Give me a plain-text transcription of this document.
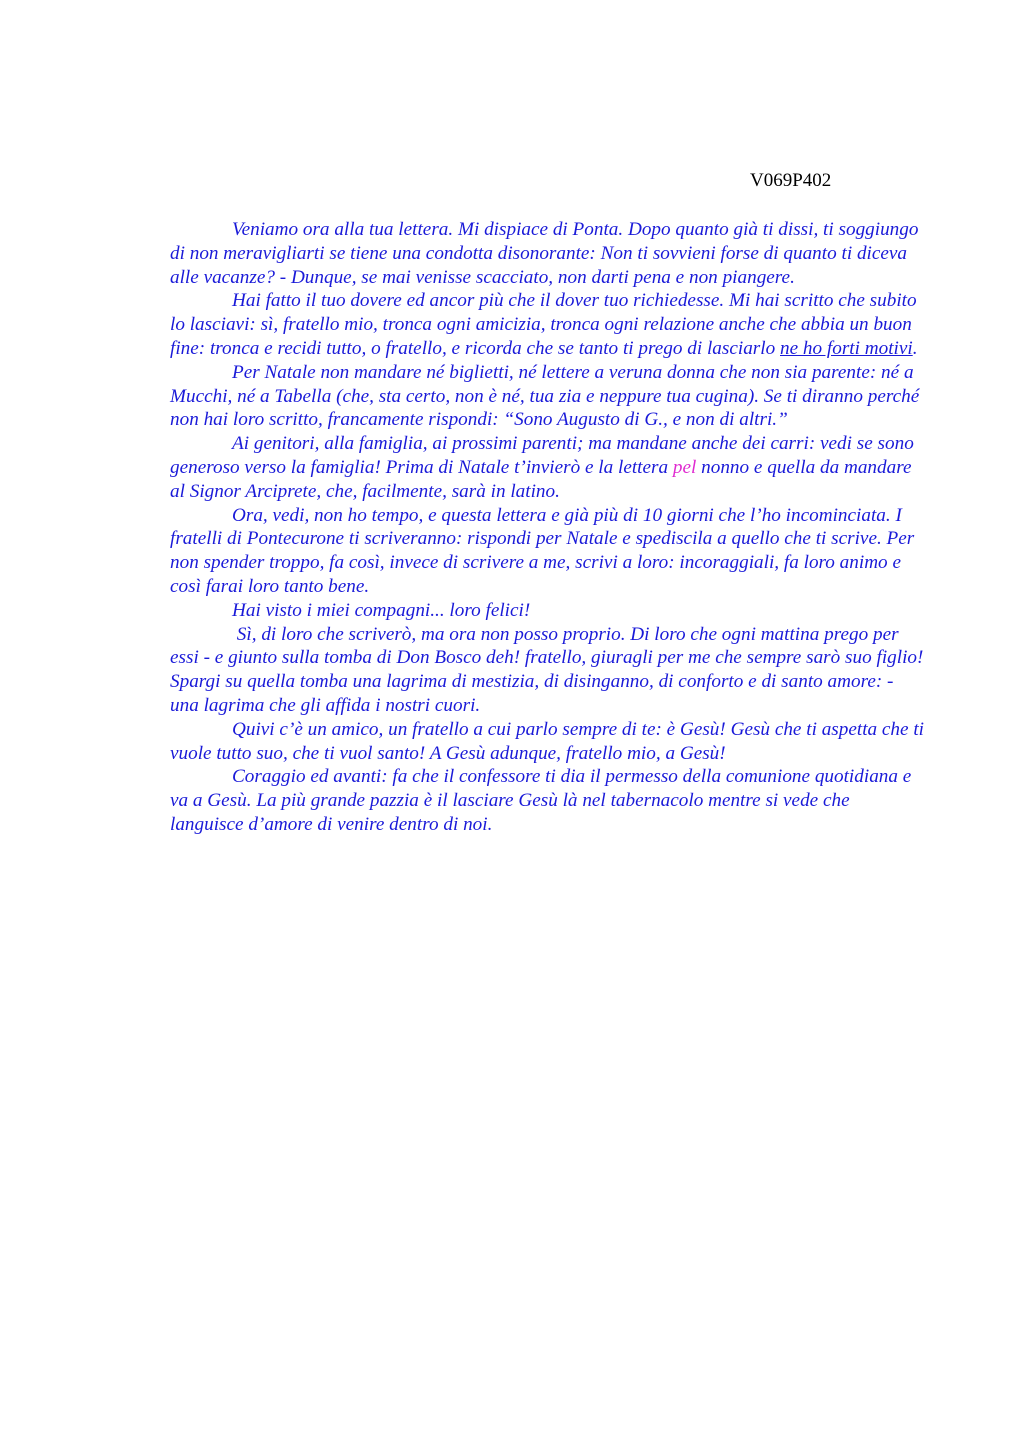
V069P402

Veniamo ora alla tua lettera. Mi dispiace di Ponta. Dopo quanto già ti dissi, ti soggiungo di non meravigliarti se tiene una condotta disonorante: Non ti sovvieni forse di quanto ti diceva alle vacanze? - Dunque, se mai venisse scacciato, non darti pena e non piangere.

Hai fatto il tuo dovere ed ancor più che il dover tuo richiedesse. Mi hai scritto che subito lo lasciavi: sì, fratello mio, tronca ogni amicizia, tronca ogni relazione anche che abbia un buon fine: tronca e recidi tutto, o fratello, e ricorda che se tanto ti prego di lasciarlo ne ho forti motivi.

Per Natale non mandare né biglietti, né lettere a veruna donna che non sia parente: né a Mucchi, né a Tabella (che, sta certo, non è né, tua zia e neppure tua cugina). Se ti diranno perché non hai loro scritto, francamente rispondi: “Sono Augusto di G., e non di altri.”

Ai genitori, alla famiglia, ai prossimi parenti; ma mandane anche dei carri: vedi se sono generoso verso la famiglia! Prima di Natale t’invierò e la lettera pel nonno e quella da mandare al Signor Arciprete, che, facilmente, sarà in latino.

Ora, vedi, non ho tempo, e questa lettera e già più di 10 giorni che l’ho incominciata. I fratelli di Pontecurone ti scriveranno: rispondi per Natale e spediscila a quello che ti scrive. Per non spender troppo, fa così, invece di scrivere a me, scrivi a loro: incoraggiali, fa loro animo e così farai loro tanto bene.

Hai visto i miei compagni... loro felici!

Sì, di loro che scriverò, ma ora non posso proprio. Di loro che ogni mattina prego per essi - e giunto sulla tomba di Don Bosco deh! fratello, giuragli per me che sempre sarò suo figlio! Spargi su quella tomba una lagrima di mestizia, di disinganno, di conforto e di santo amore: - una lagrima che gli affida i nostri cuori.

Quivi c’è un amico, un fratello a cui parlo sempre di te: è Gesù! Gesù che ti aspetta che ti vuole tutto suo, che ti vuol santo! A Gesù adunque, fratello mio, a Gesù!

Coraggio ed avanti: fa che il confessore ti dia il permesso della comunione quotidiana e va a Gesù. La più grande pazzia è il lasciare Gesù là nel tabernacolo mentre si vede che languisce d’amore di venire dentro di noi.
